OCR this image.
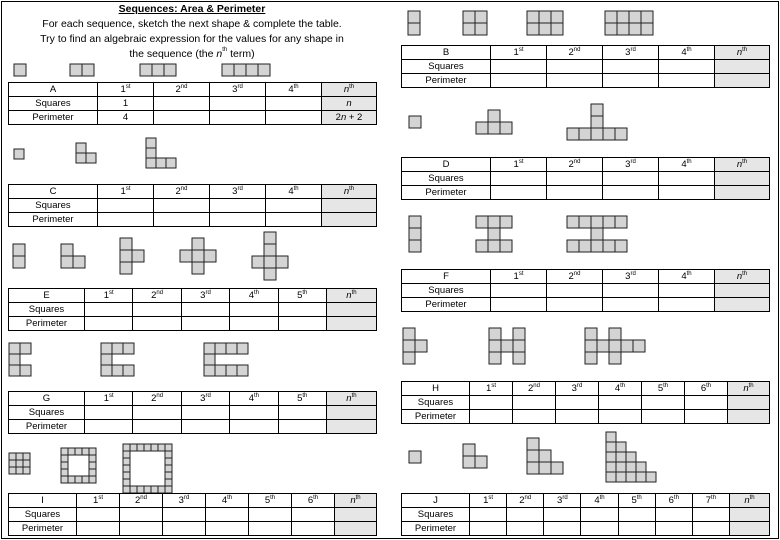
Sequences: Area & Perimeter
For each sequence, sketch the next shape & complete the table.
Try to find an algebraic expression for the values for any shape in
the sequence (the $n^{th}$ term)
A	1st	2nd	3rd	4th	$n^{th}$
Squares	1				n
Perimeter	4				2n + 2
B	1st	2nd	3rd	4th	$n^{th}$
Squares					
Perimeter					
C	1st	2nd	3rd	4th	$n^{th}$
Squares					
Perimeter					
D	1st	2nd	3rd	4th	$n^{th}$
Squares					
Perimeter					
E	1st	2nd	3rd	4th	5th	$n^{th}$
Squares						
Perimeter						
F	1st	2nd	3rd	4th	$n^{th}$
Squares					
Perimeter					
G	1st	2nd	3rd	4th	5th	$n^{th}$
Squares						
Perimeter						
H	1st	2nd	3rd	4th	5th	6th	$n^{th}$
Squares							
Perimeter							
I	1st	2nd	3rd	4th	5th	6th	$n^{th}$
Squares							
Perimeter							
J	1st	2nd	3rd	4th	5th	6th	7th	$n^{th}$
Squares								
Perimeter								
